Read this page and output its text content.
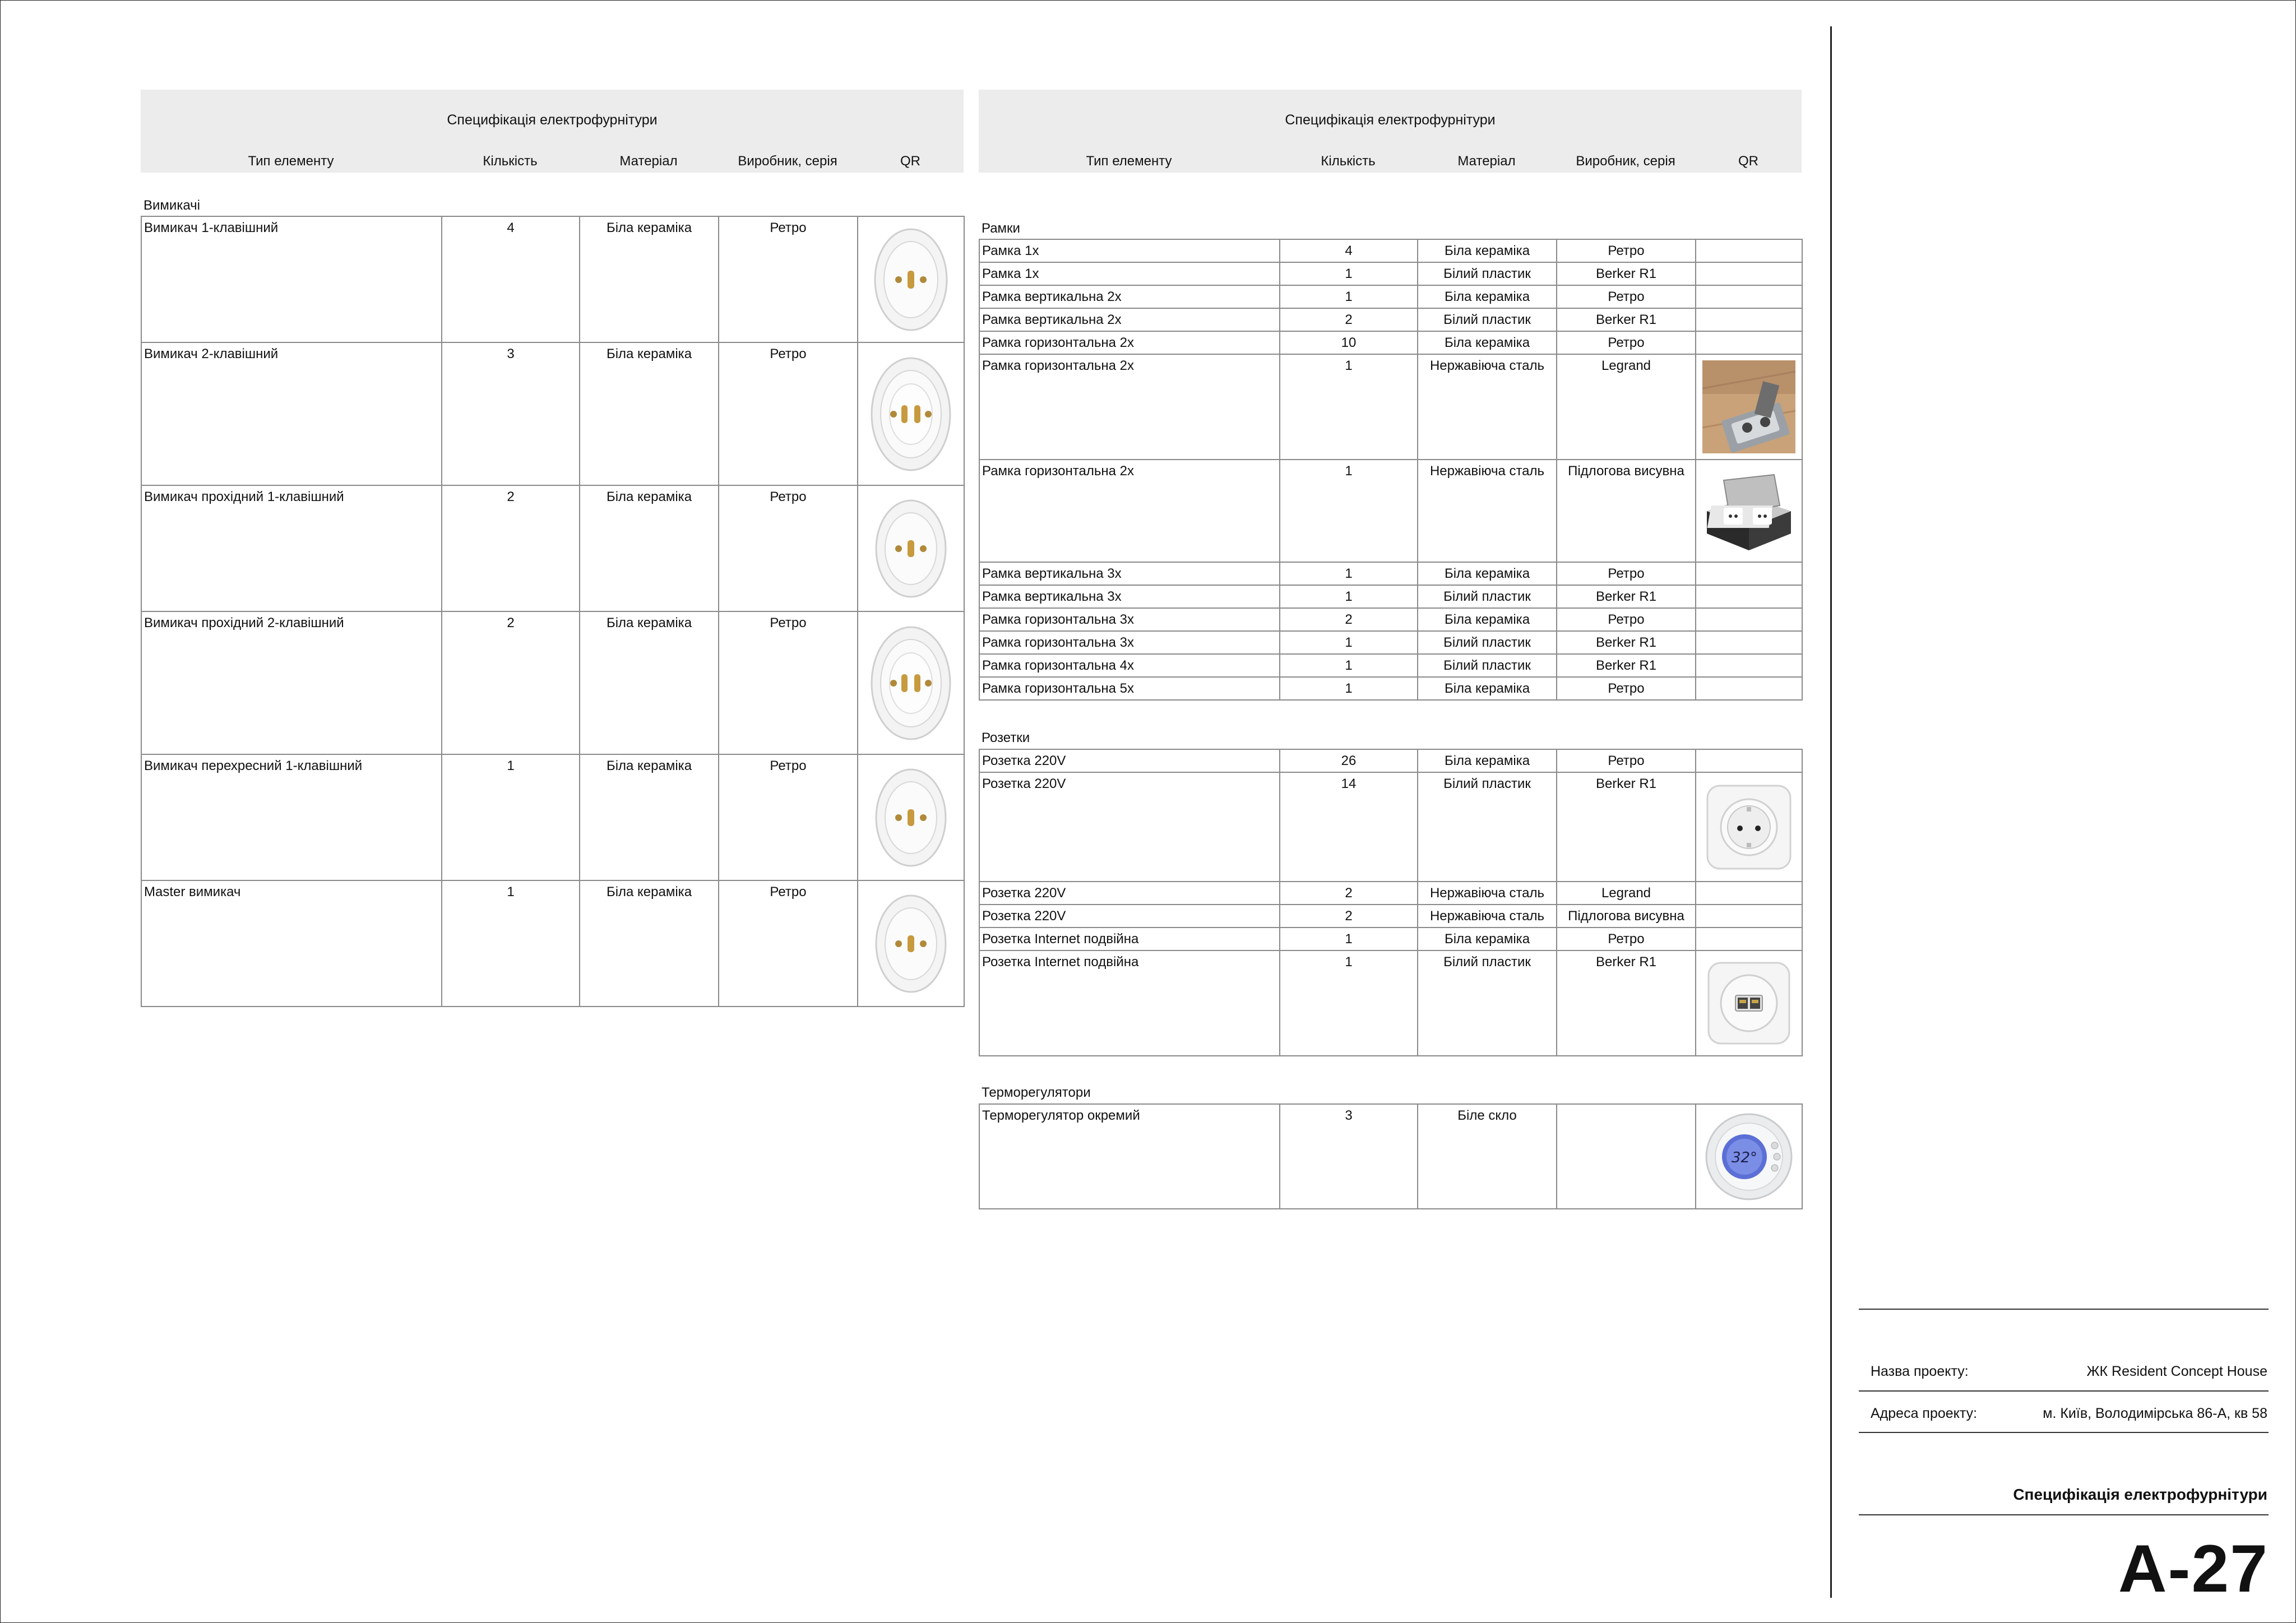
Специфікація електрофурнітури
Тип елементу	Кількість	Матеріал	Виробник, серія	QR
Специфікація електрофурнітури
Тип елементу	Кількість	Матеріал	Виробник, серія	QR
Вимикачі
Вимикач 1-клавішний	4	Біла кераміка	Ретро	

Вимикач 2-клавішний	3	Біла кераміка	Ретро	

Вимикач прохідний 1-клавішний	2	Біла кераміка	Ретро	

Вимикач прохідний 2-клавішний	2	Біла кераміка	Ретро	

Вимикач перехресний 1-клавішний	1	Біла кераміка	Ретро	

Master вимикач	1	Біла кераміка	Ретро	
Рамки
Рамка 1х	4	Біла кераміка	Ретро	
Рамка 1х	1	Білий пластик	Berker R1	
Рамка вертикальна 2х	1	Біла кераміка	Ретро	
Рамка вертикальна 2х	2	Білий пластик	Berker R1	
Рамка горизонтальна 2х	10	Біла кераміка	Ретро	
Рамка горизонтальна 2х	1	Нержавіюча сталь	Legrand	

Рамка горизонтальна 2х	1	Нержавіюча сталь	Підлогова висувна	

Рамка вертикальна 3х	1	Біла кераміка	Ретро	
Рамка вертикальна 3х	1	Білий пластик	Berker R1	
Рамка горизонтальна 3х	2	Біла кераміка	Ретро	
Рамка горизонтальна 3х	1	Білий пластик	Berker R1	
Рамка горизонтальна 4х	1	Білий пластик	Berker R1	
Рамка горизонтальна 5х	1	Біла кераміка	Ретро	
Розетки
Розетка 220V	26	Біла кераміка	Ретро	
Розетка 220V	14	Білий пластик	Berker R1	

Розетка 220V	2	Нержавіюча сталь	Legrand	
Розетка 220V	2	Нержавіюча сталь	Підлогова висувна	
Розетка Internet подвійна	1	Біла кераміка	Ретро	
Розетка Internet подвійна	1	Білий пластик	Berker R1	
Терморегулятори
Терморегулятор окремий	3	Біле скло		
32°
Назва проекту:	ЖК Resident Concept House
Адреса проекту:	м. Київ, Володимірська 86-А, кв 58
Специфікація електрофурнітури
А-27
